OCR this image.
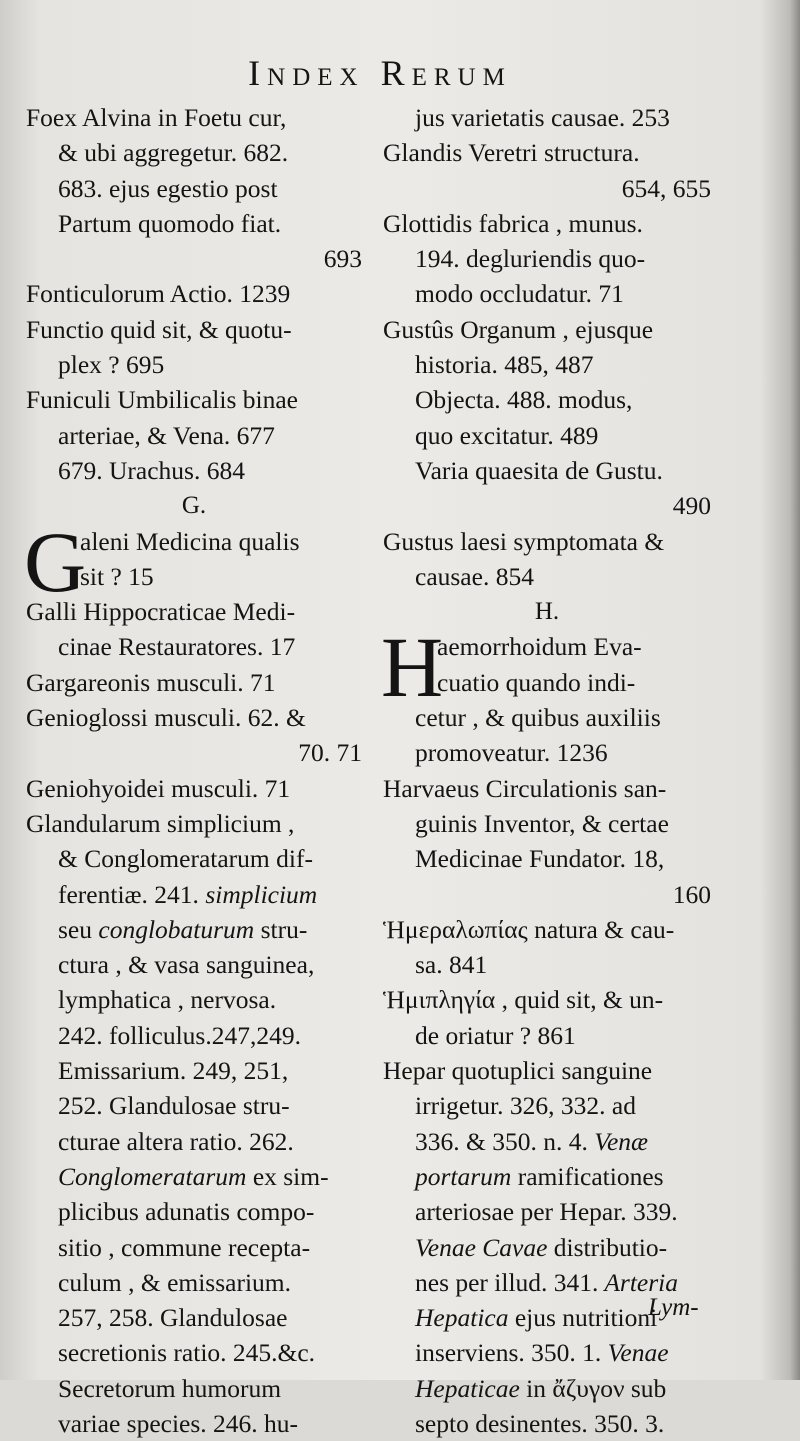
Index Rerum
Foex Alvina in Foetu cur,
& ubi aggregetur. 682.
683. ejus egestio post
Partum quomodo fiat.
693
Fonticulorum Actio. 1239
Functio quid sit, & quotu-
plex ? 695
Funiculi Umbilicalis binae
arteriae, & Vena. 677
679. Urachus. 684
G.
G
aleni Medicina qualis
sit ? 15
Galli Hippocraticae Medi-
cinae Restauratores. 17
Gargareonis musculi. 71
Genioglossi musculi. 62. &
70. 71
Geniohyoidei musculi. 71
Glandularum simplicium ,
& Conglomeratarum dif-
ferentiæ. 241. simplicium
seu conglobaturum stru-
ctura , & vasa sanguinea,
lymphatica , nervosa.
242. folliculus.247,249.
Emissarium. 249, 251,
252. Glandulosae stru-
cturae altera ratio. 262.
Conglomeratarum ex sim-
plicibus adunatis compo-
sitio , commune recepta-
culum , & emissarium.
257, 258. Glandulosae
secretionis ratio. 245.&c.
Secretorum humorum
variae species. 246. hu-
jus varietatis causae. 253
Glandis Veretri structura.
654, 655
Glottidis fabrica , munus.
194. degluriendis quo-
modo occludatur. 71
Gustûs Organum , ejusque
historia. 485, 487
Objecta. 488. modus,
quo excitatur. 489
Varia quaesita de Gustu.
490
Gustus laesi symptomata &
causae. 854
H.
H
aemorrhoidum Eva-
cuatio quando indi-
cetur , & quibus auxiliis
promoveatur. 1236
Harvaeus Circulationis san-
guinis Inventor, & certae
Medicinae Fundator. 18,
160
Ἡμεραλωπίας natura & cau-
sa. 841
Ἡμιπληγία , quid sit, & un-
de oriatur ? 861
Hepar quotuplici sanguine
irrigetur. 326, 332. ad
336. & 350. n. 4. Venæ
portarum ramificationes
arteriosae per Hepar. 339.
Venae Cavae distributio-
nes per illud. 341. Arteria
Hepatica ejus nutritioni
inserviens. 350. 1. Venae
Hepaticae in ἄζυγον sub
septo desinentes. 350. 3.
Lym-
